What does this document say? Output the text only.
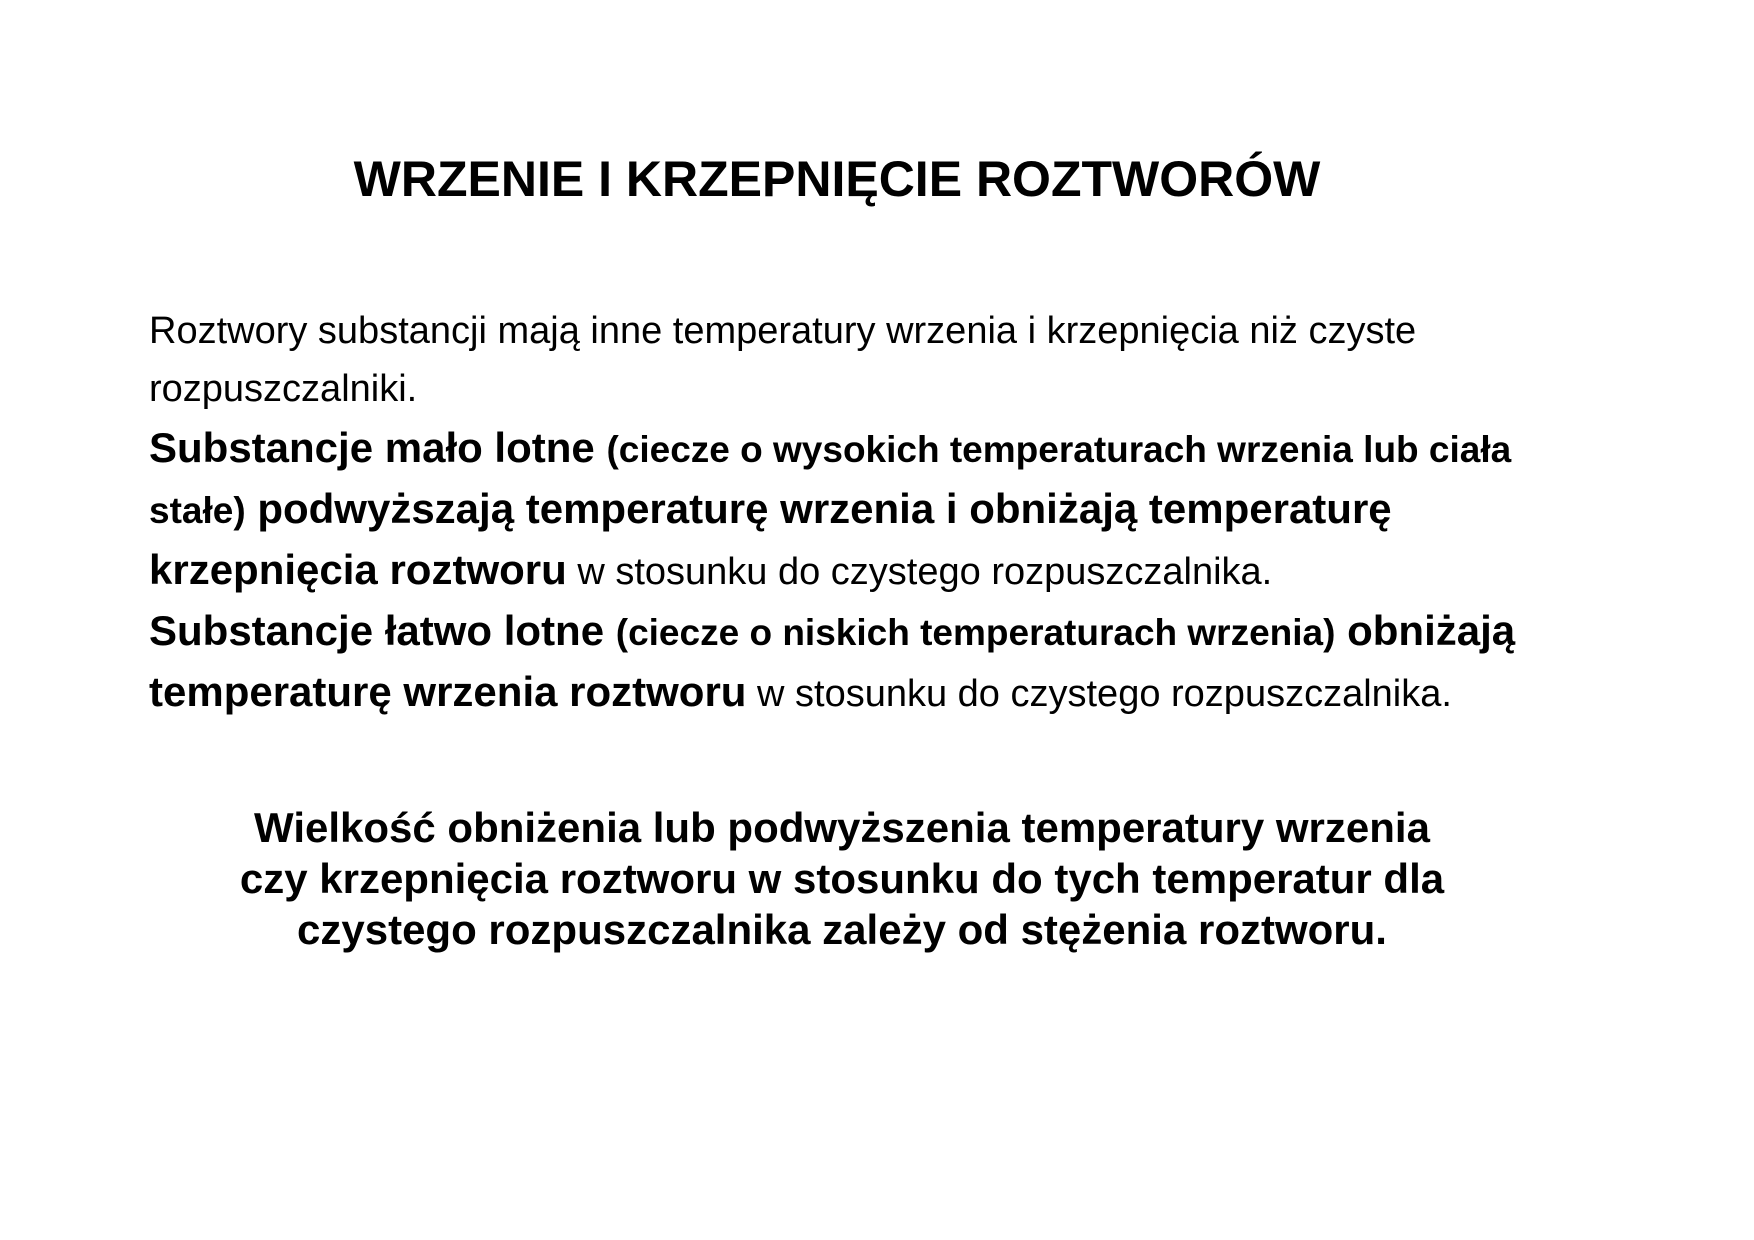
WRZENIE I KRZEPNIĘCIE ROZTWORÓW
Roztwory substancji mają inne temperatury wrzenia i krzepnięcia niż czyste rozpuszczalniki.
Substancje mało lotne (ciecze o wysokich temperaturach wrzenia lub ciała stałe) podwyższają temperaturę wrzenia i obniżają temperaturę krzepnięcia roztworu w stosunku do czystego rozpuszczalnika.
Substancje łatwo lotne (ciecze o niskich temperaturach wrzenia) obniżają temperaturę wrzenia roztworu w stosunku do czystego rozpuszczalnika.
Wielkość obniżenia lub podwyższenia temperatury wrzenia
czy krzepnięcia roztworu w stosunku do tych temperatur dla
czystego rozpuszczalnika zależy od stężenia roztworu.
